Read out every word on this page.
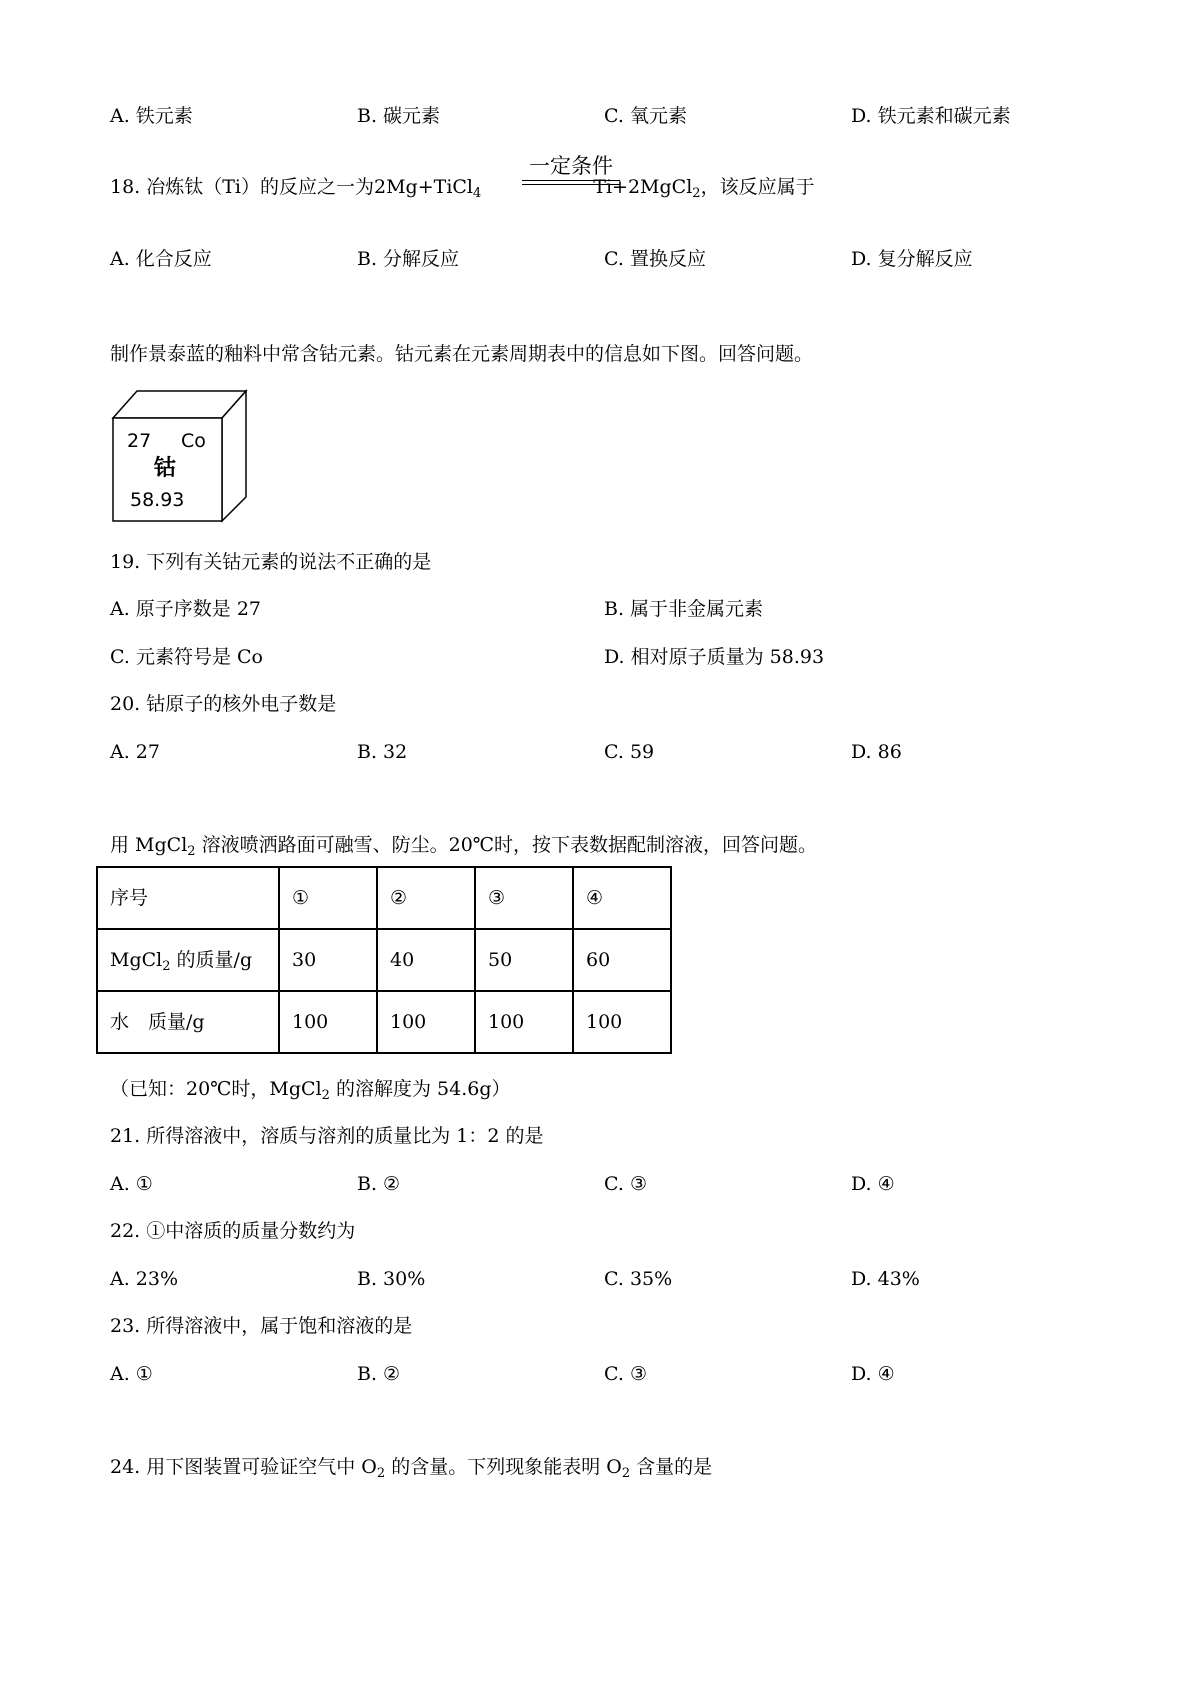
A. 铁元素	B. 碳元素	C. 氧元素	D. 铁元素和碳元素
18. 冶炼钛（Ti）的反应之一为2Mg+TiCl$_4$	Ti+2MgCl$_2$，该反应属于
一定条件
A. 化合反应	B. 分解反应	C. 置换反应	D. 复分解反应
制作景泰蓝的釉料中常含钴元素。钴元素在元素周期表中的信息如下图。回答问题。
27 Co
钴
58.93
19. 下列有关钴元素的说法不正确的是
A. 原子序数是 27	B. 属于非金属元素
C. 元素符号是 Co	D. 相对原子质量为 58.93
20. 钴原子的核外电子数是
A. 27	B. 32	C. 59	D. 86
用 MgCl$_2$ 溶液喷洒路面可融雪、防尘。20℃时，按下表数据配制溶液，回答问题。
序号	①	②	③	④
MgCl$_2$ 的质量/g	30	40	50	60
水　质量/g	100	100	100	100
（已知：20℃时，MgCl$_2$ 的溶解度为 54.6g）
21. 所得溶液中，溶质与溶剂的质量比为 1：2 的是
A. ①	B. ②	C. ③	D. ④
22. ①中溶质的质量分数约为
A. 23%	B. 30%	C. 35%	D. 43%
23. 所得溶液中，属于饱和溶液的是
A. ①	B. ②	C. ③	D. ④
24. 用下图装置可验证空气中 $O_2$ 的含量。下列现象能表明 $O_2$ 含量的是
